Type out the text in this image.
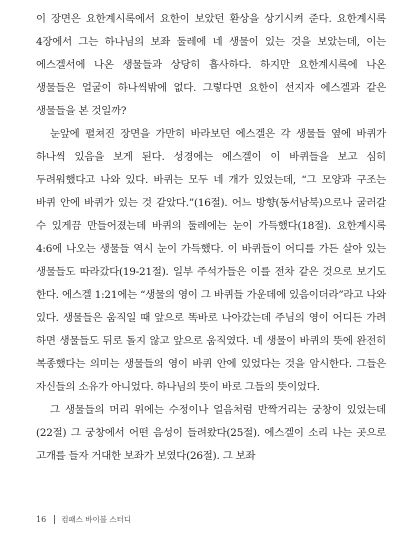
이 장면은 요한계시록에서 요한이 보았던 환상을 상기시켜 준다. 요한계시록 4장에서 그는 하나님의 보좌 둘레에 네 생물이 있는 것을 보았는데, 이는 에스겔서에 나온 생물들과 상당히 흡사하다. 하지만 요한계시록에 나온 생물들은 얼굴이 하나씩밖에 없다. 그렇다면 요한이 선지자 에스겔과 같은 생물들을 본 것일까?

눈앞에 펼쳐진 장면을 가만히 바라보던 에스겔은 각 생물들 옆에 바퀴가 하나씩 있음을 보게 된다. 성경에는 에스겔이 이 바퀴들을 보고 심히 두려워했다고 나와 있다. 바퀴는 모두 네 개가 있었는데, “그 모양과 구조는 바퀴 안에 바퀴가 있는 것 같았다.”(16절). 어느 방향(동서남북)으로나 굴러갈 수 있게끔 만들어졌는데 바퀴의 둘레에는 눈이 가득했다(18절). 요한계시록 4:6에 나오는 생물들 역시 눈이 가득했다. 이 바퀴들이 어디를 가든 살아 있는 생물들도 따라갔다(19-21절). 일부 주석가들은 이를 전차 같은 것으로 보기도 한다. 에스겔 1:21에는 “생물의 영이 그 바퀴들 가운데에 있음이더라”라고 나와 있다. 생물들은 움직일 때 앞으로 똑바로 나아갔는데 주님의 영이 어디든 가려 하면 생물들도 뒤로 돌지 않고 앞으로 움직였다. 네 생물이 바퀴의 뜻에 완전히 복종했다는 의미는 생물들의 영이 바퀴 안에 있었다는 것을 암시한다. 그들은 자신들의 소유가 아니었다. 하나님의 뜻이 바로 그들의 뜻이었다.

그 생물들의 머리 위에는 수정이나 얼음처럼 반짝거리는 궁창이 있었는데(22절) 그 궁창에서 어떤 음성이 들려왔다(25절). 에스겔이 소리 나는 곳으로 고개를 들자 거대한 보좌가 보였다(26절). 그 보좌

16 컴패스 바이블 스터디
